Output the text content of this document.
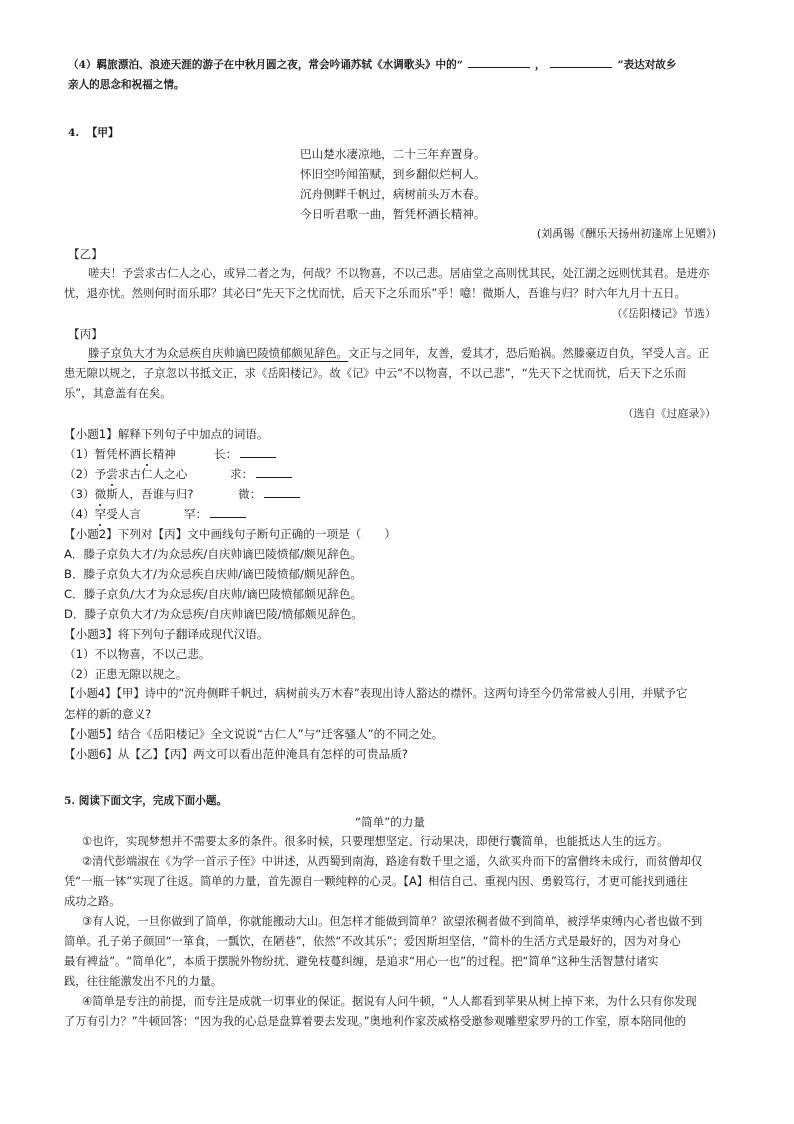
（4）羁旅漂泊、浪迹天涯的游子在中秋月圆之夜，常会吟诵苏轼《水调歌头》中的“	，	”表达对故乡
亲人的思念和祝福之情。
4. 【甲】
巴山楚水凄凉地，二十三年弃置身。
怀旧空吟闻笛赋，到乡翻似烂柯人。
沉舟侧畔千帆过，病树前头万木春。
今日听君歌一曲，暂凭杯酒长精神。
(刘禹锡《酬乐天扬州初逢席上见赠》)
【乙】
嗟夫！予尝求古仁人之心，或异二者之为，何哉？不以物喜，不以己悲。居庙堂之高则忧其民，处江湖之远则忧其君。是进亦
忧，退亦忧。然则何时而乐耶？其必曰“先天下之忧而忧，后天下之乐而乐”乎！噫！微斯人，吾谁与归？时六年九月十五日。
（《岳阳楼记》节选）
【丙】
滕子京负大才为众忌疾自庆帅谪巴陵愤郁颇见辞色。文正与之同年，友善，爱其才，恐后贻祸。然滕豪迈自负，罕受人言。正
患无隙以规之，子京忽以书抵文正，求《岳阳楼记》。故《记》中云“不以物喜，不以己悲”，“先天下之忧而忧，后天下之乐而
乐”，其意盖有在矣。
（选自《过庭录》）
【小题1】解释下列句子中加点的词语。
（1）暂凭杯酒长精神	长：
（2）予尝求古仁人之心	求：
（3）微斯人，吾谁与归?	微：
（4）罕受人言	罕：
【小题2】下列对【丙】文中画线句子断句正确的一项是（　　）
A．滕子京负大才/为众忌疾/自庆帅谪巴陵愤郁/颇见辞色。
B．滕子京负大才/为众忌疾自庆帅/谪巴陵愤郁/颇见辞色。
C．滕子京负/大才为众忌疾/自庆帅/谪巴陵愤郁颇见辞色。
D．滕子京负大才/为众忌疾/自庆帅谪巴陵/愤郁颇见辞色。
【小题3】将下列句子翻译成现代汉语。
（1）不以物喜，不以己悲。
（2）正患无隙以规之。
【小题4】【甲】诗中的“沉舟侧畔千帆过，病树前头万木春”表现出诗人豁达的襟怀。这两句诗至今仍常常被人引用，并赋予它
怎样的新的意义?
【小题5】结合《岳阳楼记》全文说说“古仁人”与“迁客骚人”的不同之处。
【小题6】从【乙】【丙】两文可以看出范仲淹具有怎样的可贵品质?
5. 阅读下面文字，完成下面小题。
“简单”的力量
①也许，实现梦想并不需要太多的条件。很多时候，只要理想坚定、行动果决，即便行囊简单，也能抵达人生的远方。
②清代彭端淑在《为学一首示子侄》中讲述，从西蜀到南海，路途有数千里之遥，久欲买舟而下的富僧终未成行，而贫僧却仅
凭“一瓶一钵”实现了往返。简单的力量，首先源自一颗纯粹的心灵。【A】相信自己、重视内因、勇毅笃行，才更可能找到通往
成功之路。
③有人说，一旦你做到了简单，你就能搬动大山。但怎样才能做到简单？欲望浓稠者做不到简单，被浮华束缚内心者也做不到
简单。孔子弟子颜回“一箪食，一瓢饮，在陋巷”，依然“不改其乐”；爱因斯坦坚信，“简朴的生活方式是最好的，因为对身心
最有裨益”。“简单化”，本质于摆脱外物纷扰、避免枝蔓纠缠，是追求“用心一也”的过程。把“简单”这种生活智慧付诸实
践，往往能激发出不凡的力量。
④简单是专注的前提，而专注是成就一切事业的保证。据说有人问牛顿，“人人都看到苹果从树上掉下来，为什么只有你发现
了万有引力？”牛顿回答：“因为我的心总是盘算着要去发现。”奥地利作家茨威格受邀参观雕塑家罗丹的工作室，原本陪同他的
